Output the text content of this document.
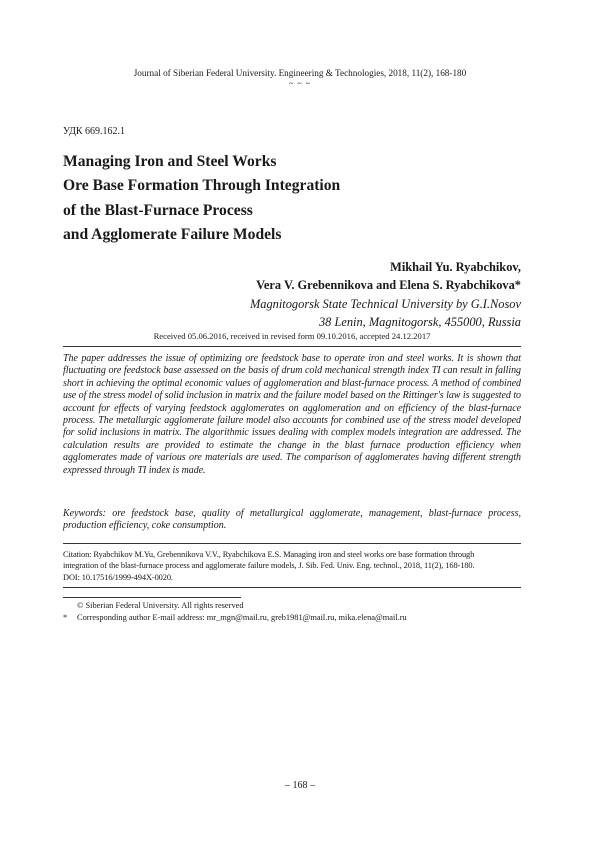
Journal of Siberian Federal University. Engineering & Technologies, 2018, 11(2), 168-180
~ ~ ~
УДК 669.162.1
Managing Iron and Steel Works
Ore Base Formation Through Integration
of the Blast-Furnace Process
and Agglomerate Failure Models
Mikhail Yu. Ryabchikov,
Vera V. Grebennikova and Elena S. Ryabchikova*
Magnitogorsk State Technical University by G.I.Nosov
38 Lenin, Magnitogorsk, 455000, Russia
Received 05.06.2016, received in revised form 09.10.2016, accepted 24.12.2017

The paper addresses the issue of optimizing ore feedstock base to operate iron and steel works. It is shown that fluctuating ore feedstock base assessed on the basis of drum cold mechanical strength index TI can result in falling short in achieving the optimal economic values of agglomeration and blast-furnace process. A method of combined use of the stress model of solid inclusion in matrix and the failure model based on the Rittinger's law is suggested to account for effects of varying feedstock agglomerates on agglomeration and on efficiency of the blast-furnace process. The metallurgic agglomerate failure model also accounts for combined use of the stress model developed for solid inclusions in matrix. The algorithmic issues dealing with complex models integration are addressed. The calculation results are provided to estimate the change in the blast furnace production efficiency when agglomerates made of various ore materials are used. The comparison of agglomerates having different strength expressed through TI index is made.

Keywords: ore feedstock base, quality of metallurgical agglomerate, management, blast-furnace process, production efficiency, coke consumption.

Citation: Ryabchikov M.Yu, Grebennikova V.V., Ryabchikova E.S. Managing iron and steel works ore base formation through
integration of the blast-furnace process and agglomerate failure models, J. Sib. Fed. Univ. Eng. technol., 2018, 11(2), 168-180.
DOI: 10.17516/1999-494X-0020.

© Siberian Federal University. All rights reserved
* Corresponding author E-mail address: mr_mgn@mail.ru, greb1981@mail.ru, mika.elena@mail.ru
– 168 –
